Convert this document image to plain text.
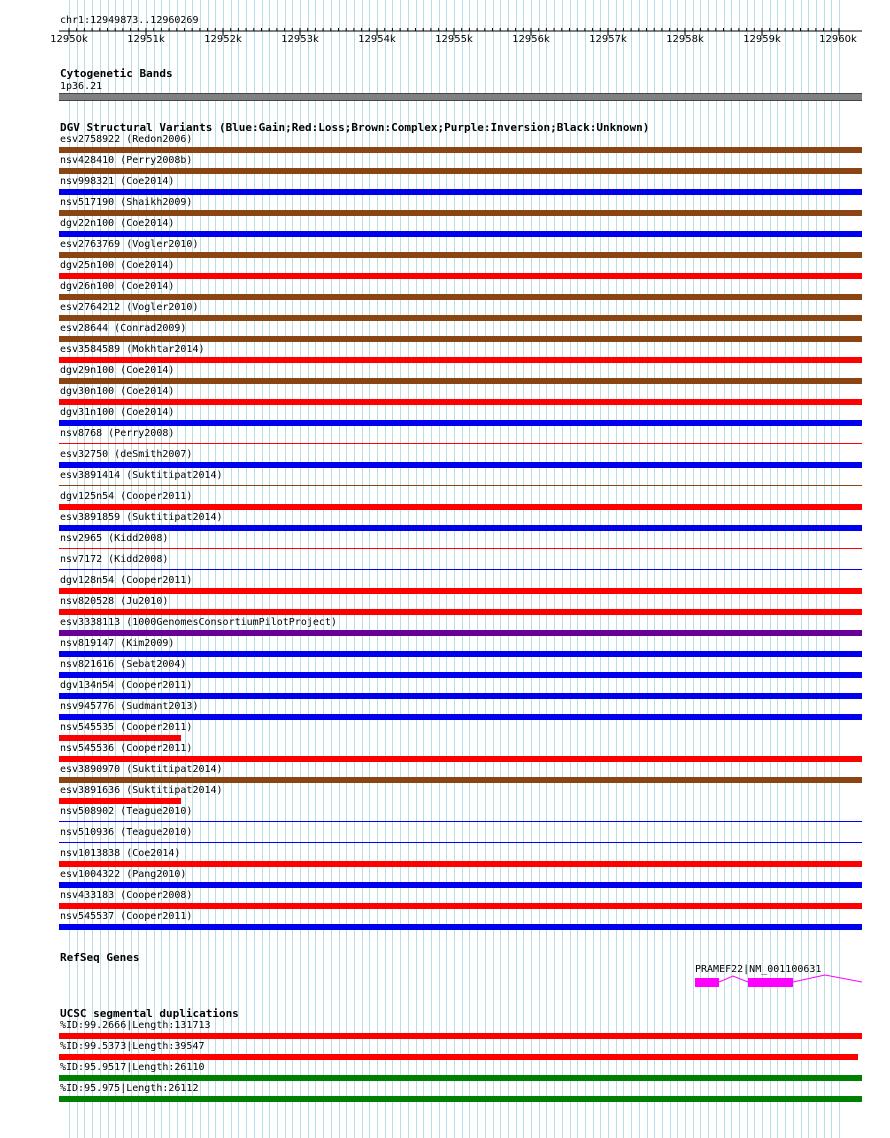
chr1:12949873..12960269
12950k	12951k	12952k	12953k	12954k	12955k	12956k	12957k	12958k	12959k	12960k
Cytogenetic Bands
1p36.21
DGV Structural Variants (Blue:Gain;Red:Loss;Brown:Complex;Purple:Inversion;Black:Unknown)
esv2758922 (Redon2006)
nsv428410 (Perry2008b)
nsv998321 (Coe2014)
nsv517190 (Shaikh2009)
dgv22n100 (Coe2014)
esv2763769 (Vogler2010)
dgv25n100 (Coe2014)
dgv26n100 (Coe2014)
esv2764212 (Vogler2010)
esv28644 (Conrad2009)
esv3584589 (Mokhtar2014)
dgv29n100 (Coe2014)
dgv30n100 (Coe2014)
dgv31n100 (Coe2014)
nsv8768 (Perry2008)
esv32750 (deSmith2007)
esv3891414 (Suktitipat2014)
dgv125n54 (Cooper2011)
esv3891859 (Suktitipat2014)
nsv2965 (Kidd2008)
nsv7172 (Kidd2008)
dgv128n54 (Cooper2011)
nsv820528 (Ju2010)
esv3338113 (1000GenomesConsortiumPilotProject)
nsv819147 (Kim2009)
nsv821616 (Sebat2004)
dgv134n54 (Cooper2011)
nsv945776 (Sudmant2013)
nsv545535 (Cooper2011)
nsv545536 (Cooper2011)
esv3890970 (Suktitipat2014)
esv3891636 (Suktitipat2014)
nsv508902 (Teague2010)
nsv510936 (Teague2010)
nsv1013838 (Coe2014)
esv1004322 (Pang2010)
nsv433183 (Cooper2008)
nsv545537 (Cooper2011)
RefSeq Genes
PRAMEF22|NM_001100631
UCSC segmental duplications
%ID:99.2666|Length:131713
%ID:99.5373|Length:39547
%ID:95.9517|Length:26110
%ID:95.975|Length:26112
